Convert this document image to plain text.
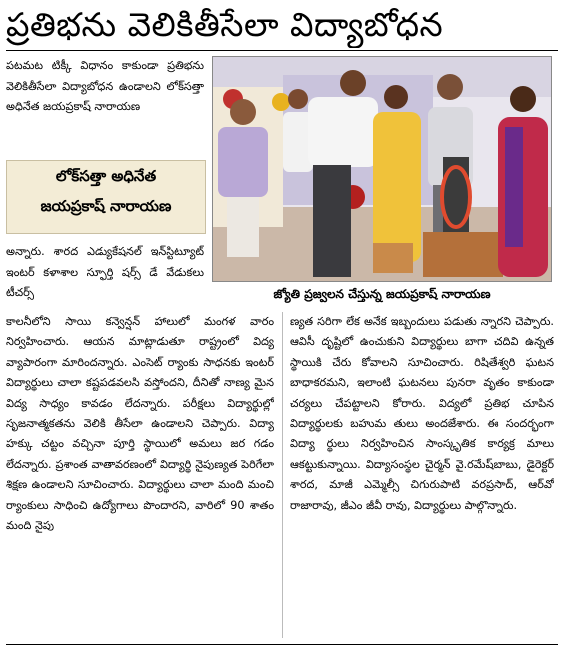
ప్రతిభను వెలికితీసేలా విద్యాబోధన

పటమట టిక్కీ విధానం కాకుండా ప్రతిభను వెలికితీసేలా విద్యాబోధన ఉండాలని లోక్‌సత్తా అధినేత జయప్రకాష్ నారాయణ

లోక్‌సత్తా అధినేత
జయప్రకాష్ నారాయణ

అన్నారు. శారద ఎడ్యుకేషనల్ ఇన్‌స్టిట్యూట్ ఇంటర్ కళాశాల స్ఫూర్తి షర్స్ డే వేడుకలు టీచర్స్	జ్యోతి ప్రజ్వలన చేస్తున్న జయప్రకాష్ నారాయణ

కాలనీలోని సాయి కన్వెన్షన్ హాలులో మంగళ వారం నిర్వహించారు. ఆయన మాట్లాడుతూ రాష్ట్రంలో విద్య వ్యాపారంగా మారిందన్నారు. ఎంసెట్ ర్యాంకు సాధనకు ఇంటర్ విద్యార్థులు చాలా కష్టపడవలసి వస్తోందని, దీనితో నాణ్య మైన విద్య సాధ్యం కావడం లేదన్నారు. పరీక్షలు విద్యార్థుల్లో సృజనాత్మకతను వెలికి తీసేలా ఉండాలని చెప్పారు. విద్యా హక్కు చట్టం వచ్చినా పూర్తి స్థాయిలో అమలు జర గడం లేదన్నారు. ప్రశాంత వాతావరణంలో విద్యార్థి నైపుణ్యత పెరిగేలా శిక్షణ ఉండాలని సూచించారు. విద్యార్థులు చాలా మంది మంచి ర్యాంకులు సాధించి ఉద్యోగాలు పొందారని, వారిలో 90 శాతం మంది నైపు

ణ్యత సరిగా లేక అనేక ఇబ్బందులు పడుతు న్నారని చెప్పారు. ఆవిసీ దృష్టిలో ఉంచుకుని విద్యార్థులు బాగా చదివి ఉన్నత స్థాయికి చేరు కోవాలని సూచించారు. రిషితేశ్వరి ఘటన బాధాకరమని, ఇలాంటి ఘటనలు పునరా వృతం కాకుండా చర్యలు చేపట్టాలని కోరారు. విద్యలో ప్రతిభ చూపిన విద్యార్థులకు బహుమ తులు అందజేశారు. ఈ సందర్భంగా విద్యా ర్థులు నిర్వహించిన సాంస్కృతిక కార్యక్ర మాలు ఆకట్టుకున్నాయి. విద్యాసంస్థల చైర్మన్ వై.రమేష్‌బాబు, డైరెక్టర్ శారద, మాజీ ఎమ్మెల్సీ చిగురుపాటి వరప్రసాద్, ఆర్‌వో రాజారావు, జీఎం జీవీ రావు, విద్యార్థులు పాల్గొన్నారు.
